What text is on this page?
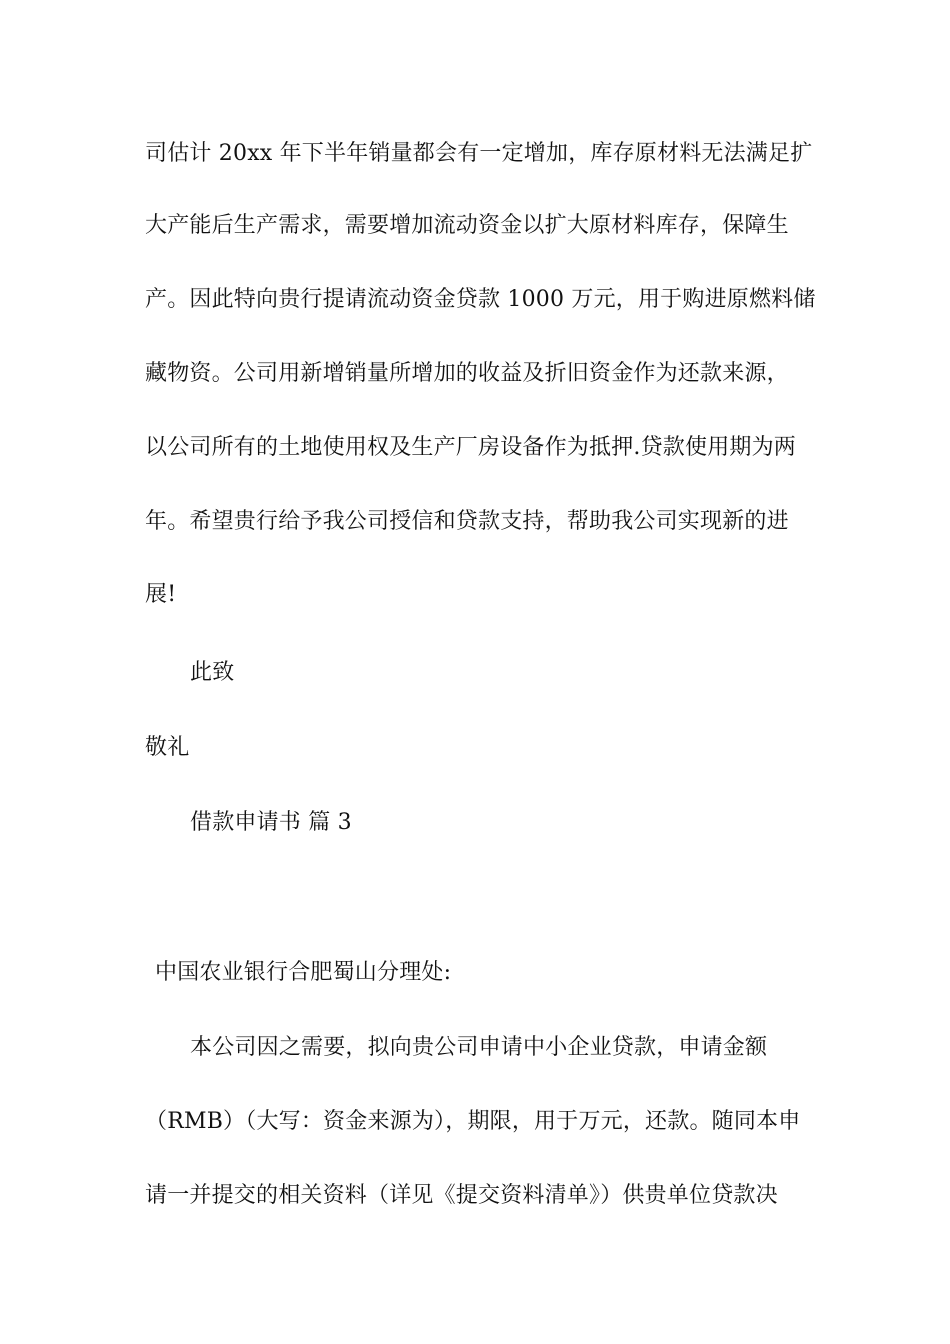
司估计 20xx 年下半年销量都会有一定增加，库存原材料无法满足扩
大产能后生产需求，需要增加流动资金以扩大原材料库存，保障生
产。因此特向贵行提请流动资金贷款 1000 万元，用于购进原燃料储
藏物资。公司用新增销量所增加的收益及折旧资金作为还款来源，
以公司所有的土地使用权及生产厂房设备作为抵押.贷款使用期为两
年。希望贵行给予我公司授信和贷款支持，帮助我公司实现新的进
展!
此致
敬礼
借款申请书 篇 3
中国农业银行合肥蜀山分理处:
本公司因之需要，拟向贵公司申请中小企业贷款，申请金额
（RMB）（大写：资金来源为），期限，用于万元，还款。随同本申
请一并提交的相关资料（详见《提交资料清单》）供贵单位贷款决
